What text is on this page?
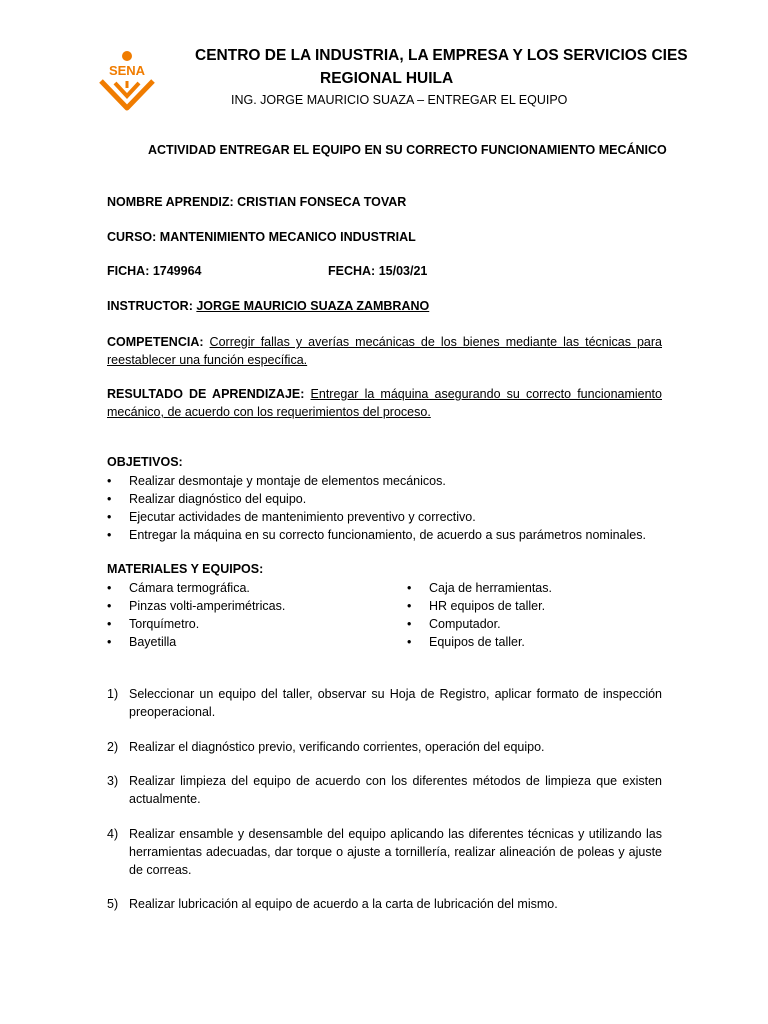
SENA
CENTRO DE LA INDUSTRIA, LA EMPRESA Y LOS SERVICIOS CIES
REGIONAL HUILA
ING. JORGE MAURICIO SUAZA – ENTREGAR EL EQUIPO
ACTIVIDAD ENTREGAR EL EQUIPO EN SU CORRECTO FUNCIONAMIENTO MECÁNICO
NOMBRE APRENDIZ: CRISTIAN FONSECA TOVAR
CURSO: MANTENIMIENTO MECANICO INDUSTRIAL
FICHA: 1749964	FECHA: 15/03/21
INSTRUCTOR: JORGE MAURICIO SUAZA ZAMBRANO
COMPETENCIA: Corregir fallas y averías mecánicas de los bienes mediante las técnicas para reestablecer una función específica.
RESULTADO DE APRENDIZAJE: Entregar la máquina asegurando su correcto funcionamiento mecánico, de acuerdo con los requerimientos del proceso.
OBJETIVOS:
• Realizar desmontaje y montaje de elementos mecánicos.
• Realizar diagnóstico del equipo.
• Ejecutar actividades de mantenimiento preventivo y correctivo.
• Entregar la máquina en su correcto funcionamiento, de acuerdo a sus parámetros nominales.
MATERIALES Y EQUIPOS:
• Cámara termográfica.
• Pinzas volti-amperimétricas.
• Torquímetro.
• Bayetilla
• Caja de herramientas.
• HR equipos de taller.
• Computador.
• Equipos de taller.
1) Seleccionar un equipo del taller, observar su Hoja de Registro, aplicar formato de inspección preoperacional.
2) Realizar el diagnóstico previo, verificando corrientes, operación del equipo.
3) Realizar limpieza del equipo de acuerdo con los diferentes métodos de limpieza que existen actualmente.
4) Realizar ensamble y desensamble del equipo aplicando las diferentes técnicas y utilizando las herramientas adecuadas, dar torque o ajuste a tornillería, realizar alineación de poleas y ajuste de correas.
5) Realizar lubricación al equipo de acuerdo a la carta de lubricación del mismo.
